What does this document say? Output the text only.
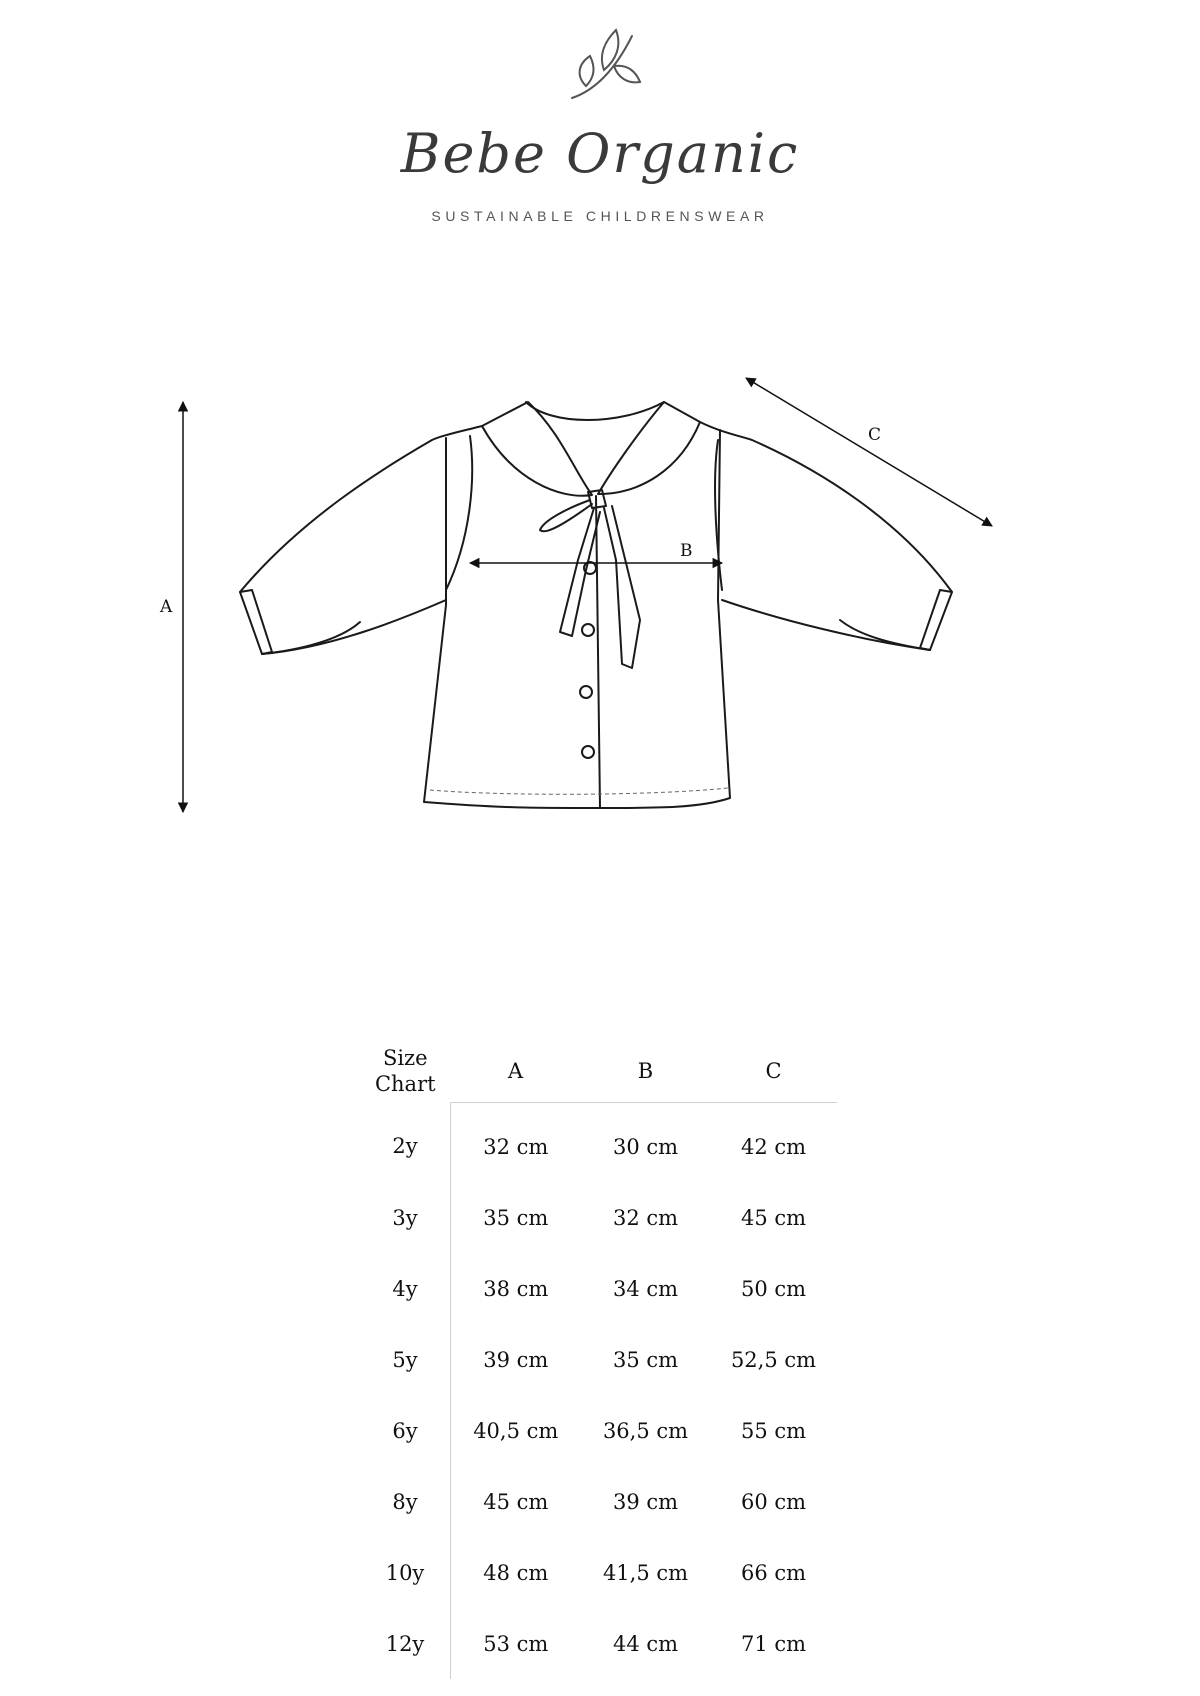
Bebe Organic
SUSTAINABLE CHILDRENSWEAR
A
B
C
Size
Chart	A	B	C
2y	32 cm	30 cm	42 cm
3y	35 cm	32 cm	45 cm
4y	38 cm	34 cm	50 cm
5y	39 cm	35 cm	52,5 cm
6y	40,5 cm	36,5 cm	55 cm
8y	45 cm	39 cm	60 cm
10y	48 cm	41,5 cm	66 cm
12y	53 cm	44 cm	71 cm
